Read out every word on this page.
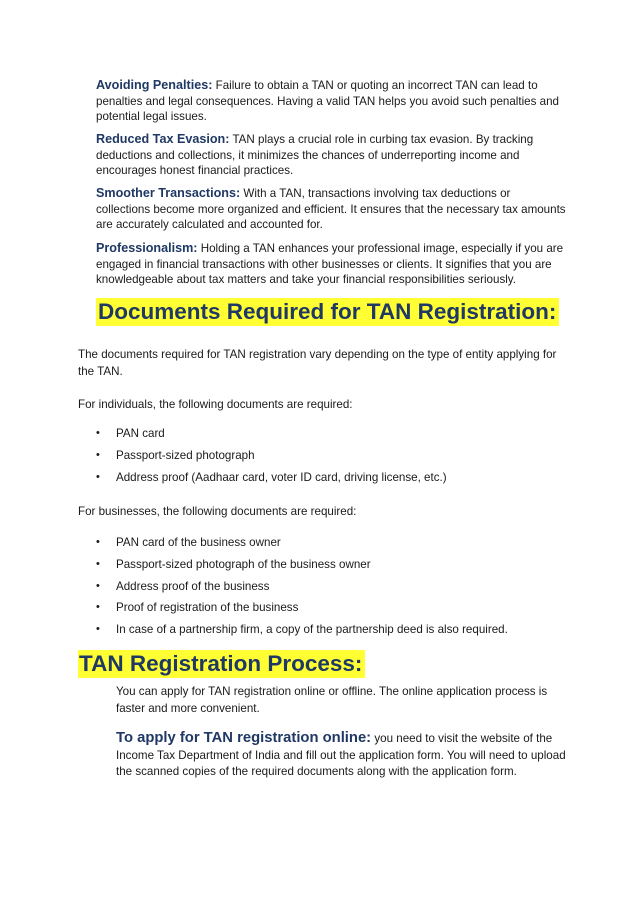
Avoiding Penalties: Failure to obtain a TAN or quoting an incorrect TAN can lead to penalties and legal consequences. Having a valid TAN helps you avoid such penalties and potential legal issues.
Reduced Tax Evasion: TAN plays a crucial role in curbing tax evasion. By tracking deductions and collections, it minimizes the chances of underreporting income and encourages honest financial practices.
Smoother Transactions: With a TAN, transactions involving tax deductions or collections become more organized and efficient. It ensures that the necessary tax amounts are accurately calculated and accounted for.
Professionalism: Holding a TAN enhances your professional image, especially if you are engaged in financial transactions with other businesses or clients. It signifies that you are knowledgeable about tax matters and take your financial responsibilities seriously.
Documents Required for TAN Registration:
The documents required for TAN registration vary depending on the type of entity applying for the TAN.
For individuals, the following documents are required:
• PAN card
• Passport-sized photograph
• Address proof (Aadhaar card, voter ID card, driving license, etc.)
For businesses, the following documents are required:
• PAN card of the business owner
• Passport-sized photograph of the business owner
• Address proof of the business
• Proof of registration of the business
• In case of a partnership firm, a copy of the partnership deed is also required.
TAN Registration Process:
You can apply for TAN registration online or offline. The online application process is faster and more convenient.
To apply for TAN registration online: you need to visit the website of the Income Tax Department of India and fill out the application form. You will need to upload the scanned copies of the required documents along with the application form.
